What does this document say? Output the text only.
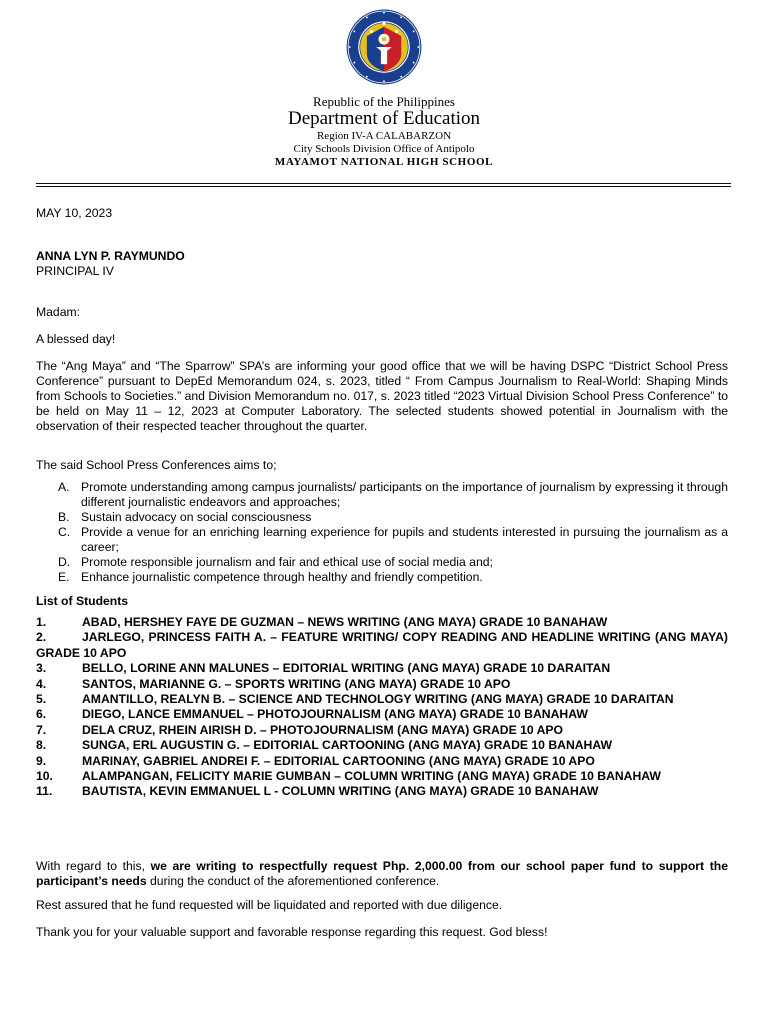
Republic of the Philippines
Department of Education
Region IV-A CALABARZON
City Schools Division Office of Antipolo
MAYAMOT NATIONAL HIGH SCHOOL
MAY 10, 2023
ANNA LYN P. RAYMUNDO
PRINCIPAL IV
Madam:
A blessed day!

The “Ang Maya” and “The Sparrow” SPA’s are informing your good office that we will be having DSPC “District School Press Conference” pursuant to DepEd Memorandum 024, s. 2023, titled “ From Campus Journalism to Real-World: Shaping Minds from Schools to Societies.” and Division Memorandum no. 017, s. 2023 titled “2023 Virtual Division School Press Conference” to be held on May 11 – 12, 2023 at Computer Laboratory. The selected students showed potential in Journalism with the observation of their respected teacher throughout the quarter.

The said School Press Conferences aims to;
A. Promote understanding among campus journalists/ participants on the importance of journalism by expressing it through different journalistic endeavors and approaches;
B. Sustain advocacy on social consciousness
C. Provide a venue for an enriching learning experience for pupils and students interested in pursuing the journalism as a career;
D. Promote responsible journalism and fair and ethical use of social media and;
E. Enhance journalistic competence through healthy and friendly competition.
List of Students
1.	ABAD, HERSHEY FAYE DE GUZMAN – NEWS WRITING (ANG MAYA) GRADE 10 BANAHAW
2.	JARLEGO, PRINCESS FAITH A. – FEATURE WRITING/ COPY READING AND HEADLINE WRITING (ANG MAYA) GRADE 10 APO
3.	BELLO, LORINE ANN MALUNES – EDITORIAL WRITING (ANG MAYA) GRADE 10 DARAITAN
4.	SANTOS, MARIANNE G. – SPORTS WRITING (ANG MAYA) GRADE 10 APO
5.	AMANTILLO, REALYN B. – SCIENCE AND TECHNOLOGY WRITING (ANG MAYA) GRADE 10 DARAITAN
6.	DIEGO, LANCE EMMANUEL – PHOTOJOURNALISM (ANG MAYA) GRADE 10 BANAHAW
7.	DELA CRUZ, RHEIN AIRISH D. – PHOTOJOURNALISM (ANG MAYA) GRADE 10 APO
8.	SUNGA, ERL AUGUSTIN G. – EDITORIAL CARTOONING (ANG MAYA) GRADE 10 BANAHAW
9.	MARINAY, GABRIEL ANDREI F. – EDITORIAL CARTOONING (ANG MAYA) GRADE 10 APO
10. ALAMPANGAN, FELICITY MARIE GUMBAN – COLUMN WRITING (ANG MAYA) GRADE 10 BANAHAW
11. BAUTISTA, KEVIN EMMANUEL L - COLUMN WRITING (ANG MAYA) GRADE 10 BANAHAW

With regard to this, we are writing to respectfully request Php. 2,000.00 from our school paper fund to support the participant’s needs during the conduct of the aforementioned conference.

Rest assured that he fund requested will be liquidated and reported with due diligence.
Thank you for your valuable support and favorable response regarding this request. God bless!
